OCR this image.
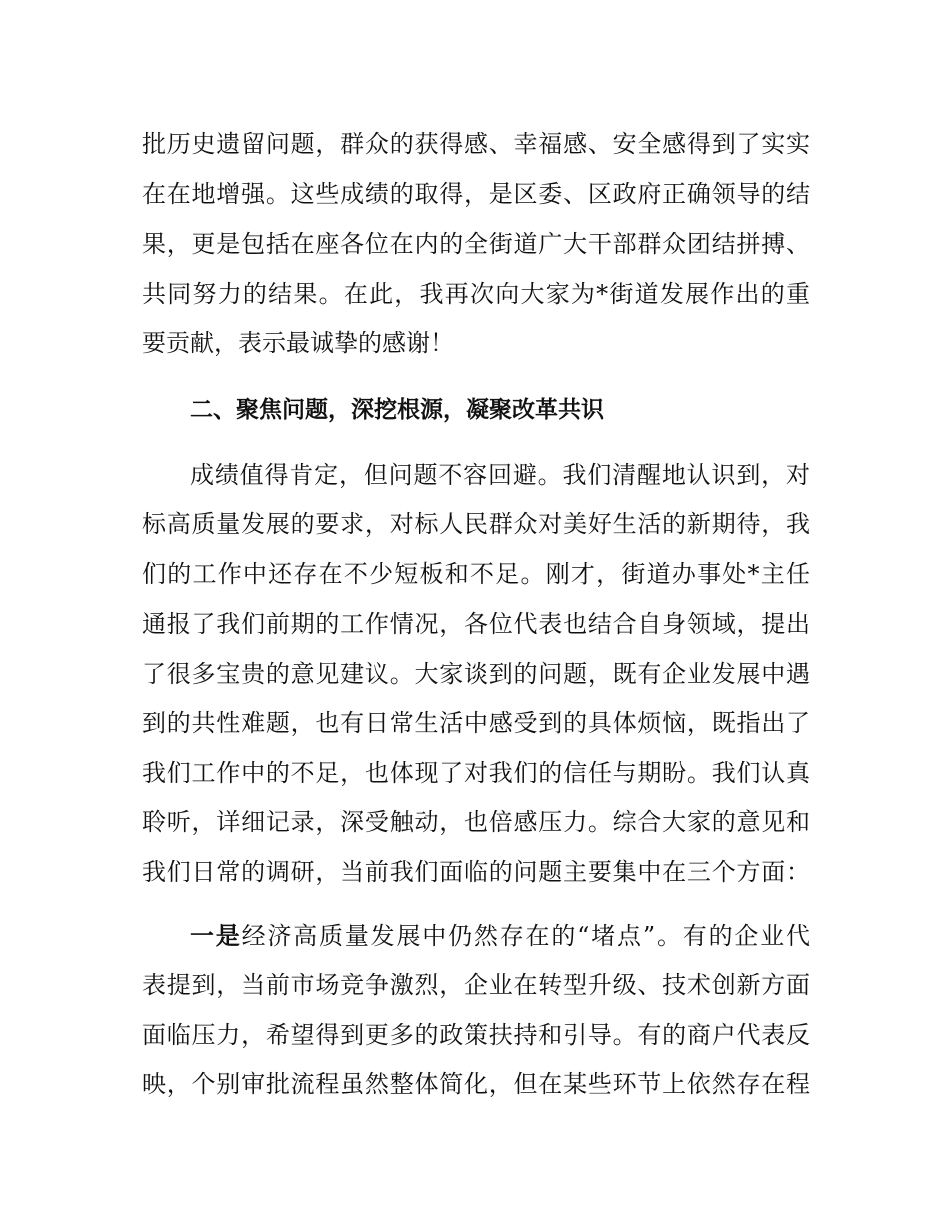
批历史遗留问题，群众的获得感、幸福感、安全感得到了实实
在在地增强。这些成绩的取得，是区委、区政府正确领导的结
果，更是包括在座各位在内的全街道广大干部群众团结拼搏、
共同努力的结果。在此，我再次向大家为*街道发展作出的重
要贡献，表示最诚挚的感谢！
二、聚焦问题，深挖根源，凝聚改革共识
成绩值得肯定，但问题不容回避。我们清醒地认识到，对
标高质量发展的要求，对标人民群众对美好生活的新期待，我
们的工作中还存在不少短板和不足。刚才，街道办事处*主任
通报了我们前期的工作情况，各位代表也结合自身领域，提出
了很多宝贵的意见建议。大家谈到的问题，既有企业发展中遇
到的共性难题，也有日常生活中感受到的具体烦恼，既指出了
我们工作中的不足，也体现了对我们的信任与期盼。我们认真
聆听，详细记录，深受触动，也倍感压力。综合大家的意见和
我们日常的调研，当前我们面临的问题主要集中在三个方面：
一是经济高质量发展中仍然存在的“堵点”。有的企业代
表提到，当前市场竞争激烈，企业在转型升级、技术创新方面
面临压力，希望得到更多的政策扶持和引导。有的商户代表反
映，个别审批流程虽然整体简化，但在某些环节上依然存在程
